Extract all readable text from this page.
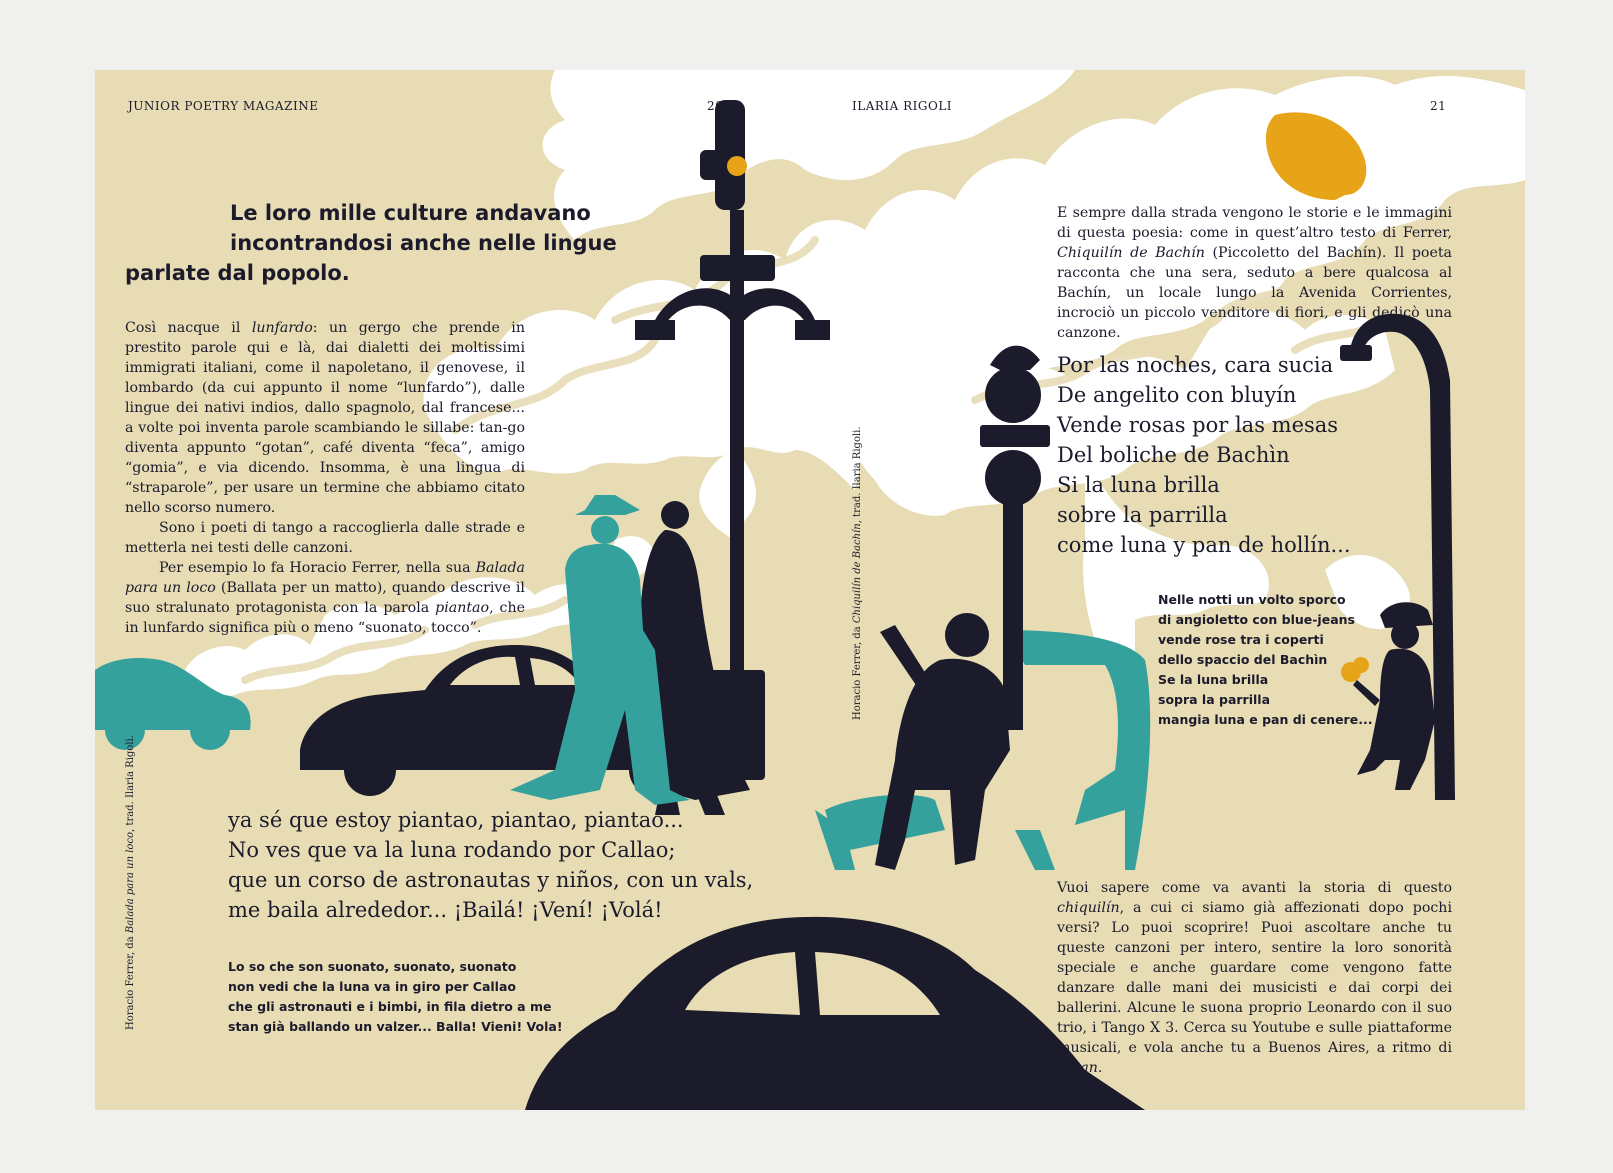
JUNIOR POETRY MAGAZINE	20
Le loro mille culture andavano
incontrandosi anche nelle lingue
parlate dal popolo.

Così nacque il lunfardo: un gergo che prende in prestito parole qui e là, dai dialetti dei moltissimi immigrati italiani, come il napoletano, il genovese, il lombardo (da cui appunto il nome “lunfardo”), dalle lingue dei nativi indios, dallo spagnolo, dal francese... a volte poi inventa parole scambiando le sillabe: tan-go diventa appunto “gotan”, café diventa “feca”, amigo “gomia”, e via dicendo. Insomma, è una lingua di “straparole”, per usare un termine che abbiamo citato nello scorso numero.

Sono i poeti di tango a raccoglierla dalle strade e metterla nei testi delle canzoni.

Per esempio lo fa Horacio Ferrer, nella sua Balada para un loco (Ballata per un matto), quando descrive il suo stralunato protagonista con la parola piantao, che in lunfardo significa più o meno “suonato, tocco”.

ya sé que estoy piantao, piantao, piantao...
No ves que va la luna rodando por Callao;
que un corso de astronautas y niños, con un vals,
me baila alrededor... ¡Bailá! ¡Vení! ¡Volá!
Lo so che son suonato, suonato, suonato
non vedi che la luna va in giro per Callao
che gli astronauti e i bimbi, in fila dietro a me
stan già ballando un valzer... Balla! Vieni! Vola!
Horacio Ferrer, da Balada para un loco, trad. Ilaria Rigoli.
ILARIA RIGOLI	21

E sempre dalla strada vengono le storie e le immagini di questa poesia: come in quest’altro testo di Ferrer, Chiquilín de Bachín (Piccoletto del Bachín). Il poeta racconta che una sera, seduto a bere qualcosa al Bachín, un locale lungo la Avenida Corrientes, incrociò un piccolo venditore di fiori, e gli dedicò una canzone.

Por las noches, cara sucia
De angelito con bluyín
Vende rosas por las mesas
Del boliche de Bachìn
Si la luna brilla
sobre la parrilla
come luna y pan de hollín...
Nelle notti un volto sporco
di angioletto con blue-jeans
vende rose tra i coperti
dello spaccio del Bachìn
Se la luna brilla
sopra la parrilla
mangia luna e pan di cenere...
Horacio Ferrer, da Chiquilín de Bachín, trad. Ilaria Rigoli.

Vuoi sapere come va avanti la storia di questo chiquilín, a cui ci siamo già affezionati dopo pochi versi? Lo puoi scoprire! Puoi ascoltare anche tu queste canzoni per intero, sentire la loro sonorità speciale e anche guardare come vengono fatte danzare dalle mani dei musicisti e dai corpi dei ballerini. Alcune le suona proprio Leonardo con il suo trio, i Tango X 3. Cerca su Youtube e sulle piattaforme musicali, e vola anche tu a Buenos Aires, a ritmo di gotan.
